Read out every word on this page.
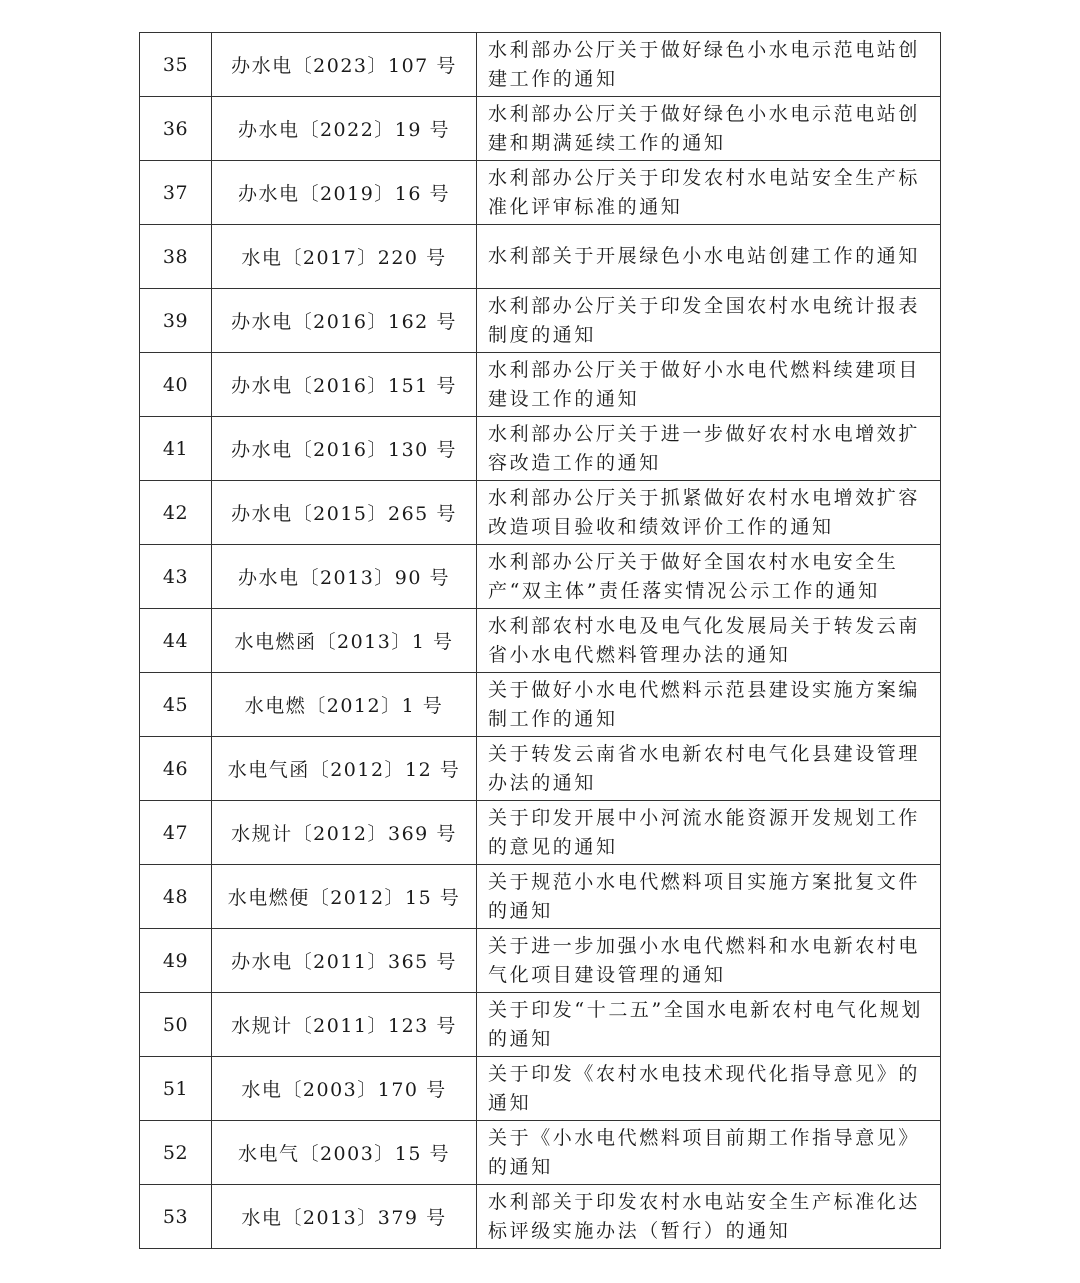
35	办水电〔2023〕107 号	水利部办公厅关于做好绿色小水电示范电站创建工作的通知
36	办水电〔2022〕19 号	水利部办公厅关于做好绿色小水电示范电站创建和期满延续工作的通知
37	办水电〔2019〕16 号	水利部办公厅关于印发农村水电站安全生产标准化评审标准的通知
38	水电〔2017〕220 号	水利部关于开展绿色小水电站创建工作的通知
39	办水电〔2016〕162 号	水利部办公厅关于印发全国农村水电统计报表制度的通知
40	办水电〔2016〕151 号	水利部办公厅关于做好小水电代燃料续建项目建设工作的通知
41	办水电〔2016〕130 号	水利部办公厅关于进一步做好农村水电增效扩容改造工作的通知
42	办水电〔2015〕265 号	水利部办公厅关于抓紧做好农村水电增效扩容改造项目验收和绩效评价工作的通知
43	办水电〔2013〕90 号	水利部办公厅关于做好全国农村水电安全生产“双主体”责任落实情况公示工作的通知
44	水电燃函〔2013〕1 号	水利部农村水电及电气化发展局关于转发云南省小水电代燃料管理办法的通知
45	水电燃〔2012〕1 号	关于做好小水电代燃料示范县建设实施方案编制工作的通知
46	水电气函〔2012〕12 号	关于转发云南省水电新农村电气化县建设管理办法的通知
47	水规计〔2012〕369 号	关于印发开展中小河流水能资源开发规划工作的意见的通知
48	水电燃便〔2012〕15 号	关于规范小水电代燃料项目实施方案批复文件的通知
49	办水电〔2011〕365 号	关于进一步加强小水电代燃料和水电新农村电气化项目建设管理的通知
50	水规计〔2011〕123 号	关于印发“十二五”全国水电新农村电气化规划的通知
51	水电〔2003〕170 号	关于印发《农村水电技术现代化指导意见》的通知
52	水电气〔2003〕15 号	关于《小水电代燃料项目前期工作指导意见》的通知
53	水电〔2013〕379 号	水利部关于印发农村水电站安全生产标准化达标评级实施办法（暂行）的通知
